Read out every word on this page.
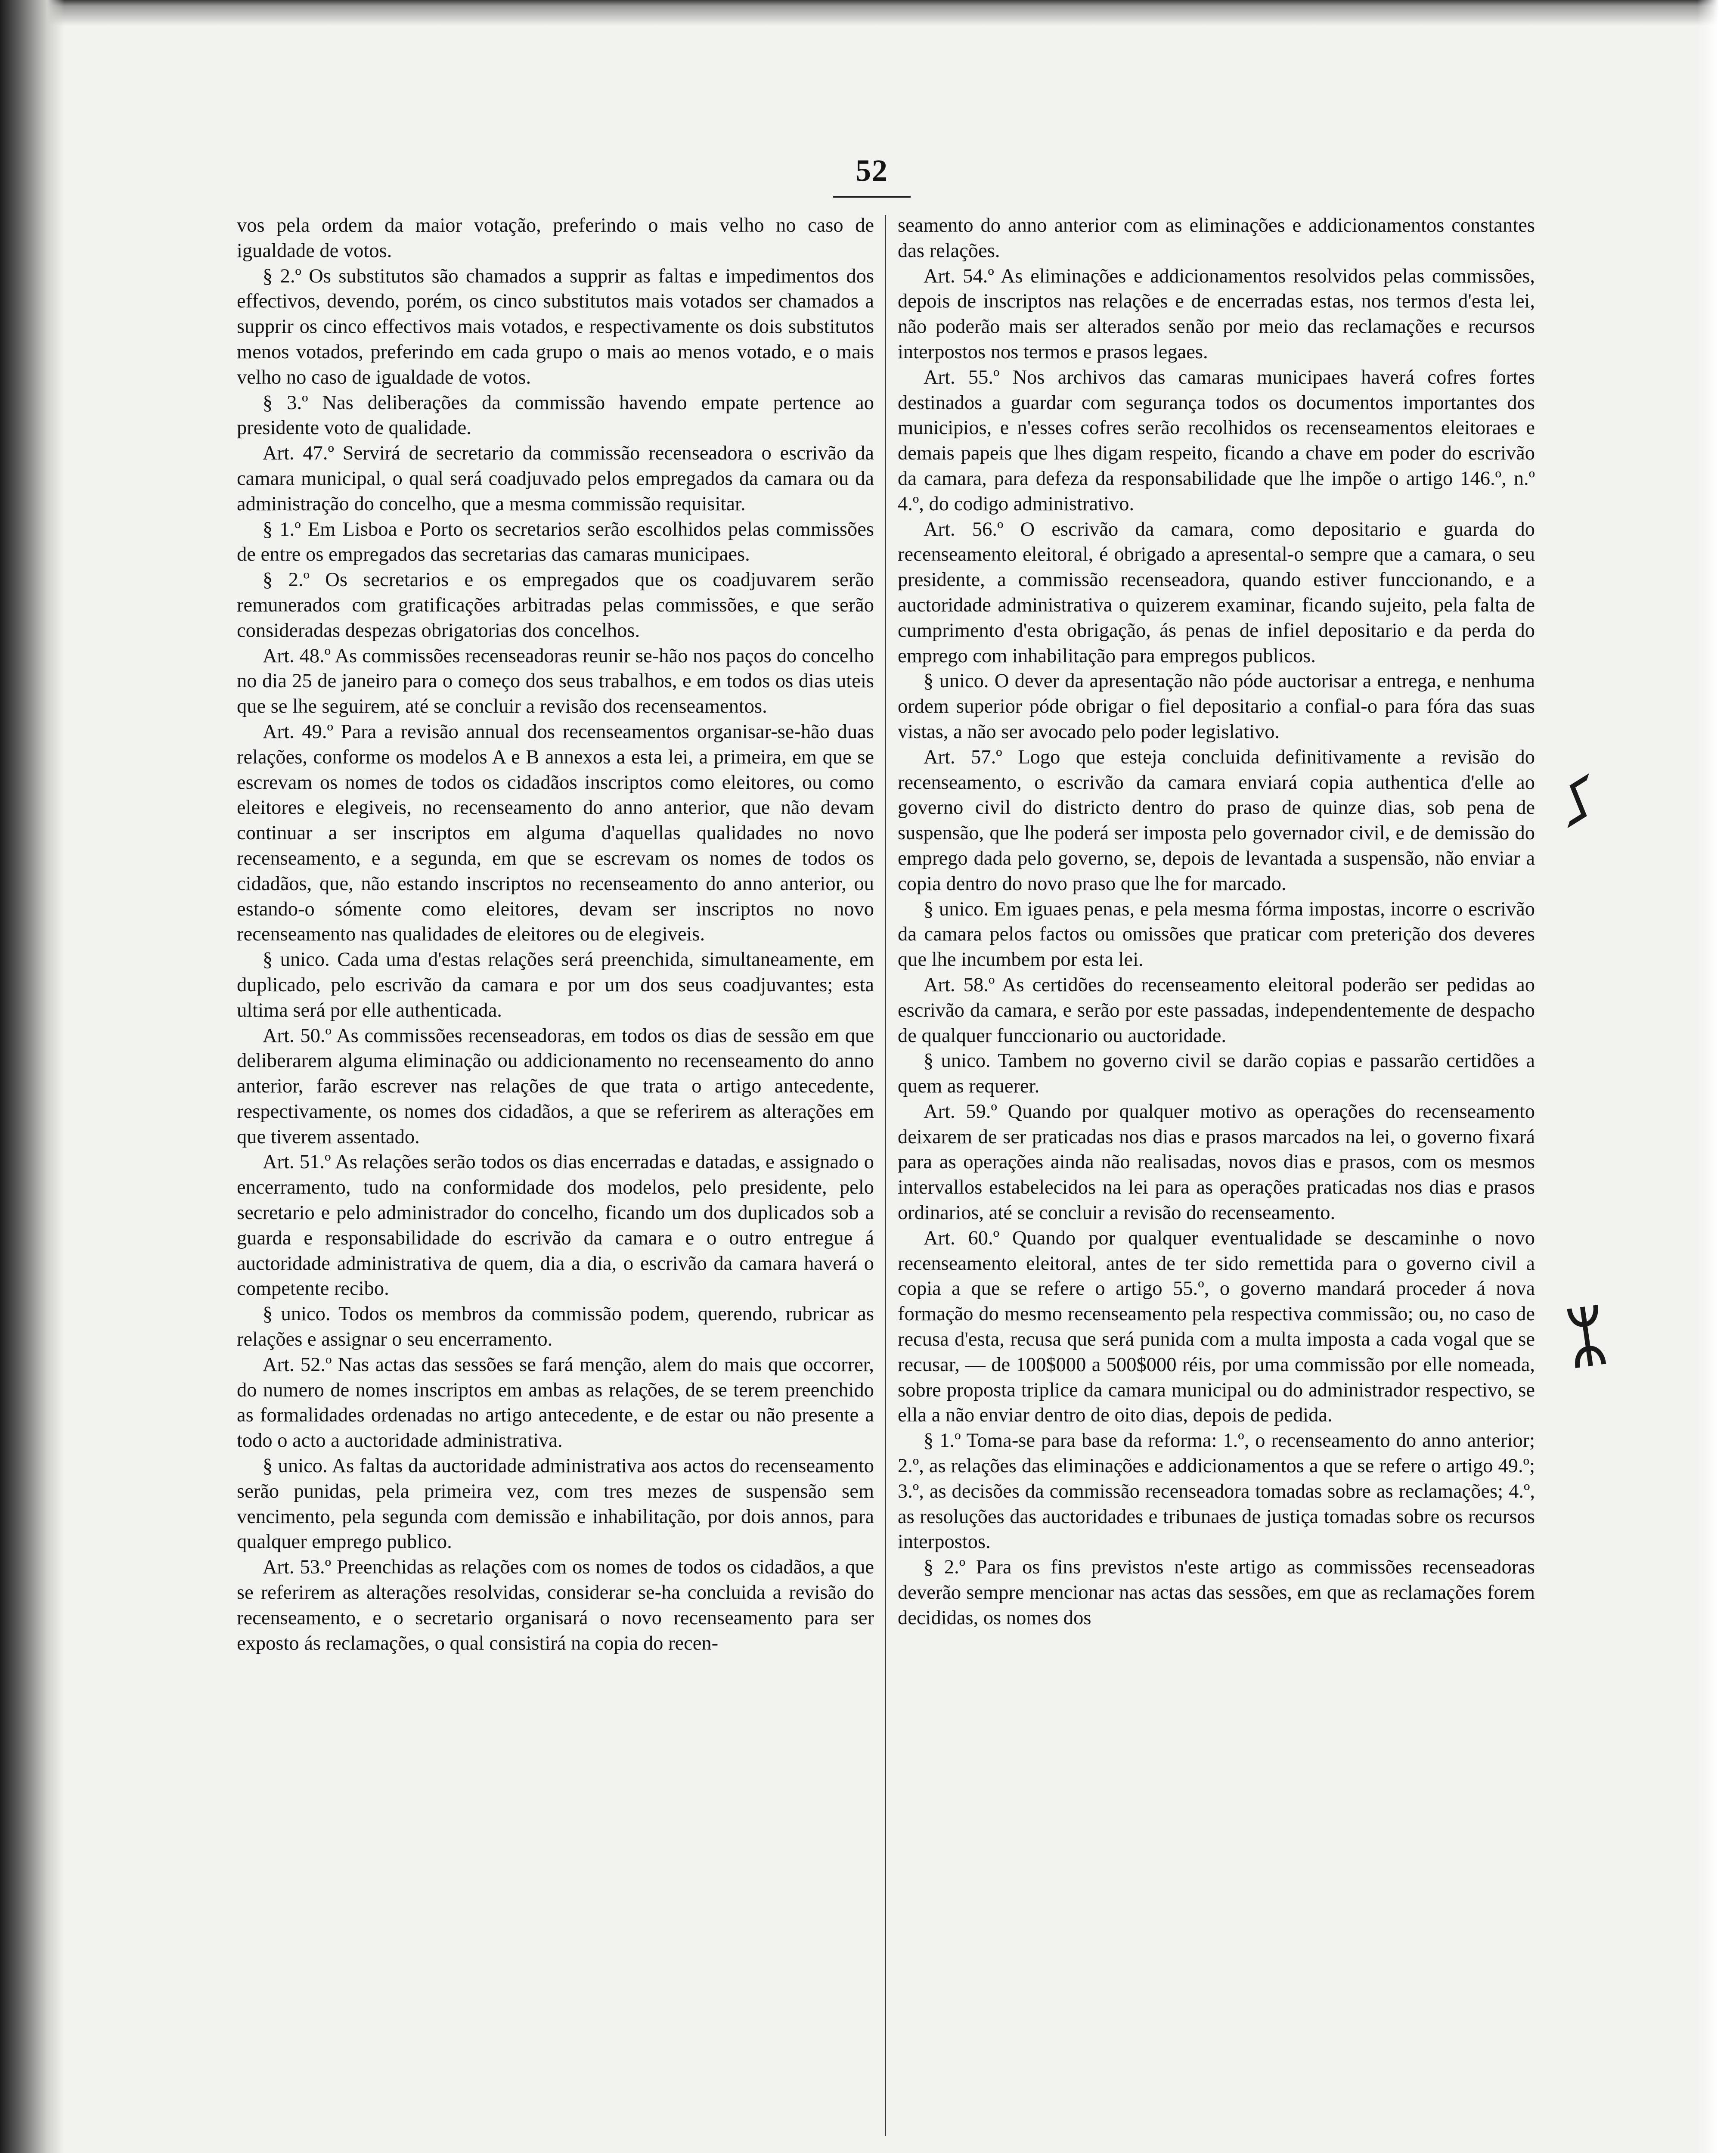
52

vos pela ordem da maior votação, preferindo o mais velho no caso de igualdade de votos.

§ 2.º Os substitutos são chamados a supprir as faltas e impedimentos dos effectivos, devendo, porém, os cinco substitutos mais votados ser chamados a supprir os cinco effectivos mais votados, e respectivamente os dois substitutos menos votados, preferindo em cada grupo o mais ao menos votado, e o mais velho no caso de igualdade de votos.

§ 3.º Nas deliberações da commissão havendo empate pertence ao presidente voto de qualidade.

Art. 47.º Servirá de secretario da commissão recenseadora o escrivão da camara municipal, o qual será coadjuvado pelos empregados da camara ou da administração do concelho, que a mesma commissão requisitar.

§ 1.º Em Lisboa e Porto os secretarios serão escolhidos pelas commissões de entre os empregados das secretarias das camaras municipaes.

§ 2.º Os secretarios e os empregados que os coadjuvarem serão remunerados com gratificações arbitradas pelas commissões, e que serão consideradas despezas obrigatorias dos concelhos.

Art. 48.º As commissões recenseadoras reunir se-hão nos paços do concelho no dia 25 de janeiro para o começo dos seus trabalhos, e em todos os dias uteis que se lhe seguirem, até se concluir a revisão dos recenseamentos.

Art. 49.º Para a revisão annual dos recenseamentos organisar-se-hão duas relações, conforme os modelos A e B annexos a esta lei, a primeira, em que se escrevam os nomes de todos os cidadãos inscriptos como eleitores, ou como eleitores e elegiveis, no recenseamento do anno anterior, que não devam continuar a ser inscriptos em alguma d'aquellas qualidades no novo recenseamento, e a segunda, em que se escrevam os nomes de todos os cidadãos, que, não estando inscriptos no recenseamento do anno anterior, ou estando-o sómente como eleitores, devam ser inscriptos no novo recenseamento nas qualidades de eleitores ou de elegiveis.

§ unico. Cada uma d'estas relações será preenchida, simultaneamente, em duplicado, pelo escrivão da camara e por um dos seus coadjuvantes; esta ultima será por elle authenticada.

Art. 50.º As commissões recenseadoras, em todos os dias de sessão em que deliberarem alguma eliminação ou addicionamento no recenseamento do anno anterior, farão escrever nas relações de que trata o artigo antecedente, respectivamente, os nomes dos cidadãos, a que se referirem as alterações em que tiverem assentado.

Art. 51.º As relações serão todos os dias encerradas e datadas, e assignado o encerramento, tudo na conformidade dos modelos, pelo presidente, pelo secretario e pelo administrador do concelho, ficando um dos duplicados sob a guarda e responsabilidade do escrivão da camara e o outro entregue á auctoridade administrativa de quem, dia a dia, o escrivão da camara haverá o competente recibo.

§ unico. Todos os membros da commissão podem, querendo, rubricar as relações e assignar o seu encerramento.

Art. 52.º Nas actas das sessões se fará menção, alem do mais que occorrer, do numero de nomes inscriptos em ambas as relações, de se terem preenchido as formalidades ordenadas no artigo antecedente, e de estar ou não presente a todo o acto a auctoridade administrativa.

§ unico. As faltas da auctoridade administrativa aos actos do recenseamento serão punidas, pela primeira vez, com tres mezes de suspensão sem vencimento, pela segunda com demissão e inhabilitação, por dois annos, para qualquer emprego publico.

Art. 53.º Preenchidas as relações com os nomes de todos os cidadãos, a que se referirem as alterações resolvidas, considerar se-ha concluida a revisão do recenseamento, e o secretario organisará o novo recenseamento para ser exposto ás reclamações, o qual consistirá na copia do recen-

seamento do anno anterior com as eliminações e addicionamentos constantes das relações.

Art. 54.º As eliminações e addicionamentos resolvidos pelas commissões, depois de inscriptos nas relações e de encerradas estas, nos termos d'esta lei, não poderão mais ser alterados senão por meio das reclamações e recursos interpostos nos termos e prasos legaes.

Art. 55.º Nos archivos das camaras municipaes haverá cofres fortes destinados a guardar com segurança todos os documentos importantes dos municipios, e n'esses cofres serão recolhidos os recenseamentos eleitoraes e demais papeis que lhes digam respeito, ficando a chave em poder do escrivão da camara, para defeza da responsabilidade que lhe impõe o artigo 146.º, n.º 4.º, do codigo administrativo.

Art. 56.º O escrivão da camara, como depositario e guarda do recenseamento eleitoral, é obrigado a apresental-o sempre que a camara, o seu presidente, a commissão recenseadora, quando estiver funccionando, e a auctoridade administrativa o quizerem examinar, ficando sujeito, pela falta de cumprimento d'esta obrigação, ás penas de infiel depositario e da perda do emprego com inhabilitação para empregos publicos.

§ unico. O dever da apresentação não póde auctorisar a entrega, e nenhuma ordem superior póde obrigar o fiel depositario a confial-o para fóra das suas vistas, a não ser avocado pelo poder legislativo.

Art. 57.º Logo que esteja concluida definitivamente a revisão do recenseamento, o escrivão da camara enviará copia authentica d'elle ao governo civil do districto dentro do praso de quinze dias, sob pena de suspensão, que lhe poderá ser imposta pelo governador civil, e de demissão do emprego dada pelo governo, se, depois de levantada a suspensão, não enviar a copia dentro do novo praso que lhe for marcado.

§ unico. Em iguaes penas, e pela mesma fórma impostas, incorre o escrivão da camara pelos factos ou omissões que praticar com preterição dos deveres que lhe incumbem por esta lei.

Art. 58.º As certidões do recenseamento eleitoral poderão ser pedidas ao escrivão da camara, e serão por este passadas, independentemente de despacho de qualquer funccionario ou auctoridade.

§ unico. Tambem no governo civil se darão copias e passarão certidões a quem as requerer.

Art. 59.º Quando por qualquer motivo as operações do recenseamento deixarem de ser praticadas nos dias e prasos marcados na lei, o governo fixará para as operações ainda não realisadas, novos dias e prasos, com os mesmos intervallos estabelecidos na lei para as operações praticadas nos dias e prasos ordinarios, até se concluir a revisão do recenseamento.

Art. 60.º Quando por qualquer eventualidade se descaminhe o novo recenseamento eleitoral, antes de ter sido remettida para o governo civil a copia a que se refere o artigo 55.º, o governo mandará proceder á nova formação do mesmo recenseamento pela respectiva commissão; ou, no caso de recusa d'esta, recusa que será punida com a multa imposta a cada vogal que se recusar, — de 100$000 a 500$000 réis, por uma commissão por elle nomeada, sobre proposta triplice da camara municipal ou do administrador respectivo, se ella a não enviar dentro de oito dias, depois de pedida.

§ 1.º Toma-se para base da reforma: 1.º, o recenseamento do anno anterior; 2.º, as relações das eliminações e addicionamentos a que se refere o artigo 49.º; 3.º, as decisões da commissão recenseadora tomadas sobre as reclamações; 4.º, as resoluções das auctoridades e tribunaes de justiça tomadas sobre os recursos interpostos.

§ 2.º Para os fins previstos n'este artigo as commissões recenseadoras deverão sempre mencionar nas actas das sessões, em que as reclamações forem decididas, os nomes dos

ᛊ
ᛯ
